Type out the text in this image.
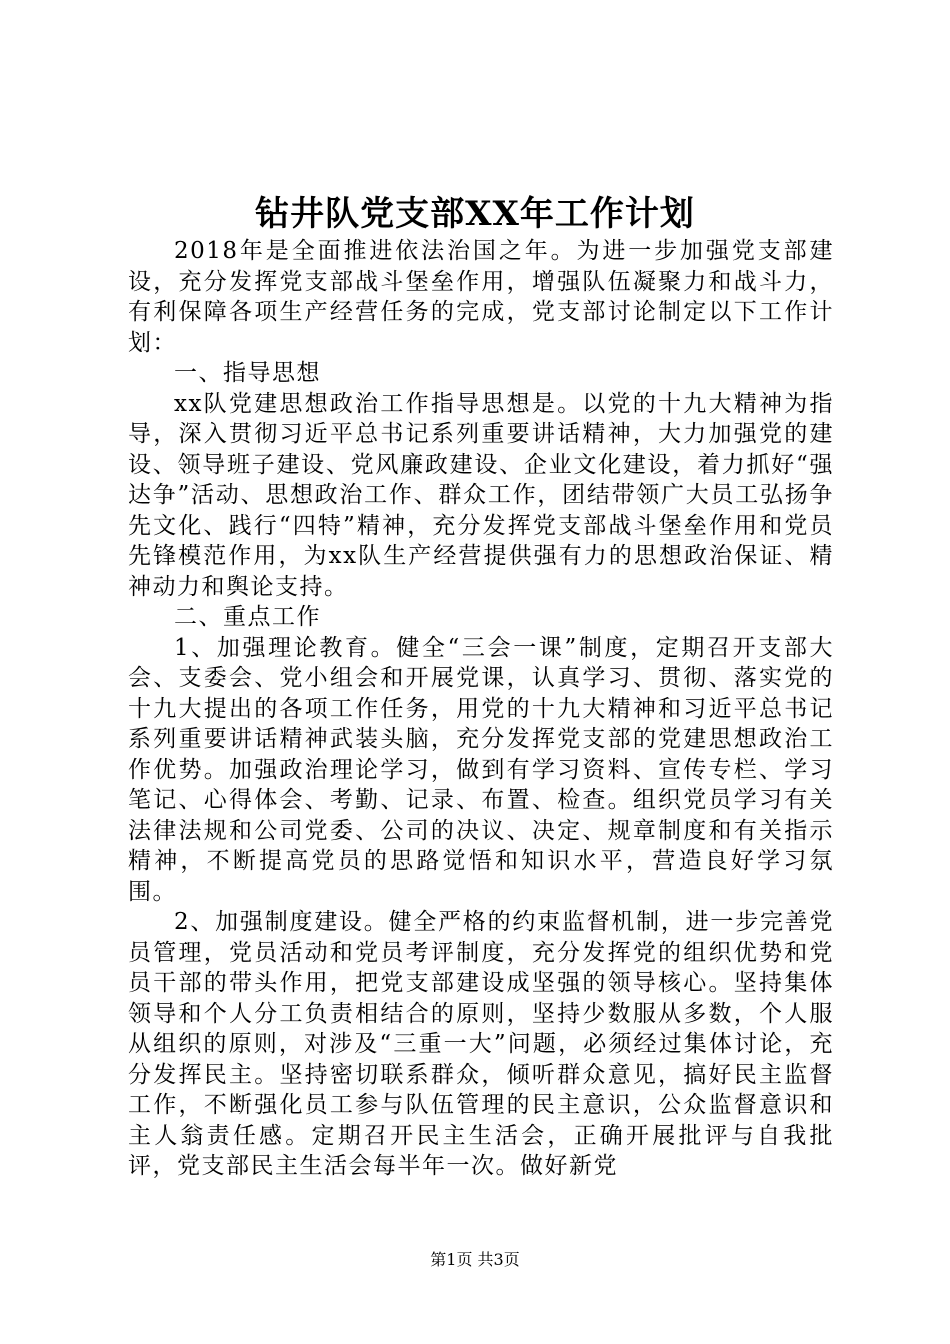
钻井队党支部XX年工作计划

2018年是全面推进依法治国之年。为进一步加强党支部建设，充分发挥党支部战斗堡垒作用，增强队伍凝聚力和战斗力，有利保障各项生产经营任务的完成，党支部讨论制定以下工作计划：

一、指导思想

xx队党建思想政治工作指导思想是。以党的十九大精神为指导，深入贯彻习近平总书记系列重要讲话精神，大力加强党的建设、领导班子建设、党风廉政建设、企业文化建设，着力抓好“强达争”活动、思想政治工作、群众工作，团结带领广大员工弘扬争先文化、践行“四特”精神，充分发挥党支部战斗堡垒作用和党员先锋模范作用，为xx队生产经营提供强有力的思想政治保证、精神动力和舆论支持。

二、重点工作

1、加强理论教育。健全“三会一课”制度，定期召开支部大会、支委会、党小组会和开展党课，认真学习、贯彻、落实党的十九大提出的各项工作任务，用党的十九大精神和习近平总书记系列重要讲话精神武装头脑，充分发挥党支部的党建思想政治工作优势。加强政治理论学习，做到有学习资料、宣传专栏、学习笔记、心得体会、考勤、记录、布置、检查。组织党员学习有关法律法规和公司党委、公司的决议、决定、规章制度和有关指示精神，不断提高党员的思路觉悟和知识水平，营造良好学习氛围。

2、加强制度建设。健全严格的约束监督机制，进一步完善党员管理，党员活动和党员考评制度，充分发挥党的组织优势和党员干部的带头作用，把党支部建设成坚强的领导核心。坚持集体领导和个人分工负责相结合的原则，坚持少数服从多数，个人服从组织的原则，对涉及“三重一大”问题，必须经过集体讨论，充分发挥民主。坚持密切联系群众，倾听群众意见，搞好民主监督工作，不断强化员工参与队伍管理的民主意识，公众监督意识和主人翁责任感。定期召开民主生活会，正确开展批评与自我批评，党支部民主生活会每半年一次。做好新党

第1页 共3页
